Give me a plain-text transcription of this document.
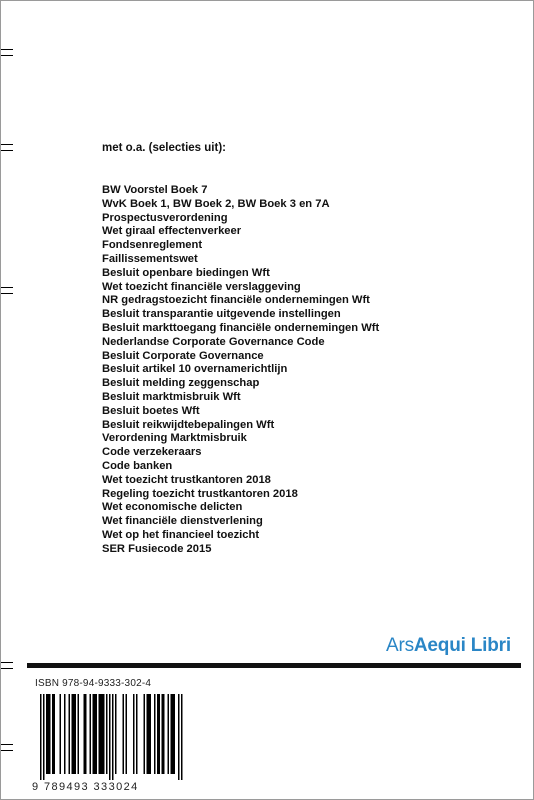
met o.a. (selecties uit):
BW Voorstel Boek 7
WvK Boek 1, BW Boek 2, BW Boek 3 en 7A
Prospectusverordening
Wet giraal effectenverkeer
Fondsenreglement
Faillissementswet
Besluit openbare biedingen Wft
Wet toezicht financiële verslaggeving
NR gedragstoezicht financiële ondernemingen Wft
Besluit transparantie uitgevende instellingen
Besluit markttoegang financiële ondernemingen Wft
Nederlandse Corporate Governance Code
Besluit Corporate Governance
Besluit artikel 10 overnamerichtlijn
Besluit melding zeggenschap
Besluit marktmisbruik Wft
Besluit boetes Wft
Besluit reikwijdtebepalingen Wft
Verordening Marktmisbruik
Code verzekeraars
Code banken
Wet toezicht trustkantoren 2018
Regeling toezicht trustkantoren 2018
Wet economische delicten
Wet financiële dienstverlening
Wet op het financieel toezicht
SER Fusiecode 2015
ArsAequi Libri
ISBN 978-94-9333-302-4
9 789493 333024
